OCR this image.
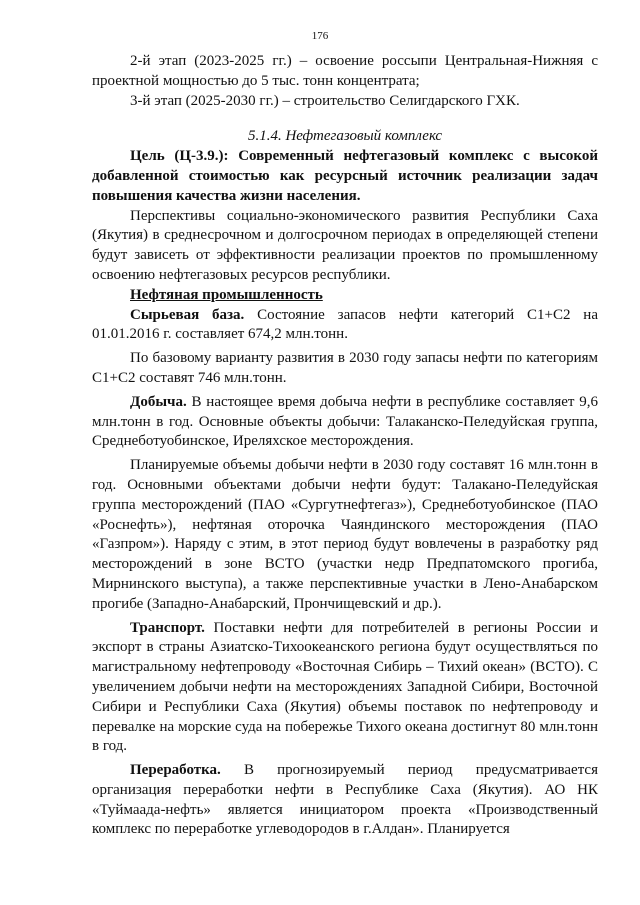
176

2-й этап (2023-2025 гг.) – освоение россыпи Центральная-Нижняя с проектной мощностью до 5 тыс. тонн концентрата;

3-й этап (2025-2030 гг.) – строительство Селигдарского ГХК.

5.1.4. Нефтегазовый комплекс

Цель (Ц-3.9.): Современный нефтегазовый комплекс с высокой добавленной стоимостью как ресурсный источник реализации задач повышения качества жизни населения.

Перспективы социально-экономического развития Республики Саха (Якутия) в среднесрочном и долгосрочном периодах в определяющей степени будут зависеть от эффективности реализации проектов по промышленному освоению нефтегазовых ресурсов республики.

Нефтяная промышленность

Сырьевая база. Состояние запасов нефти категорий С1+С2 на 01.01.2016 г. составляет 674,2 млн.тонн.

По базовому варианту развития в 2030 году запасы нефти по категориям С1+С2 составят 746 млн.тонн.

Добыча. В настоящее время добыча нефти в республике составляет 9,6 млн.тонн в год. Основные объекты добычи: Талаканско-Пеледуйская группа, Среднеботуобинское, Иреляхское месторождения.

Планируемые объемы добычи нефти в 2030 году составят 16 млн.тонн в год. Основными объектами добычи нефти будут: Талакано-Пеледуйская группа месторождений (ПАО «Сургутнефтегаз»), Среднеботуобинское (ПАО «Роснефть»), нефтяная оторочка Чаяндинского месторождения (ПАО «Газпром»). Наряду с этим, в этот период будут вовлечены в разработку ряд месторождений в зоне ВСТО (участки недр Предпатомского прогиба, Мирнинского выступа), а также перспективные участки в Лено-Анабарском прогибе (Западно-Анабарский, Прончищевский и др.).

Транспорт. Поставки нефти для потребителей в регионы России и экспорт в страны Азиатско-Тихоокеанского региона будут осуществляться по магистральному нефтепроводу «Восточная Сибирь – Тихий океан» (ВСТО). С увеличением добычи нефти на месторождениях Западной Сибири, Восточной Сибири и Республики Саха (Якутия) объемы поставок по нефтепроводу и перевалке на морские суда на побережье Тихого океана достигнут 80 млн.тонн в год.

Переработка. В прогнозируемый период предусматривается организация переработки нефти в Республике Саха (Якутия). АО НК «Туймаада-нефть» является инициатором проекта «Производственный комплекс по переработке углеводородов в г.Алдан». Планируется
